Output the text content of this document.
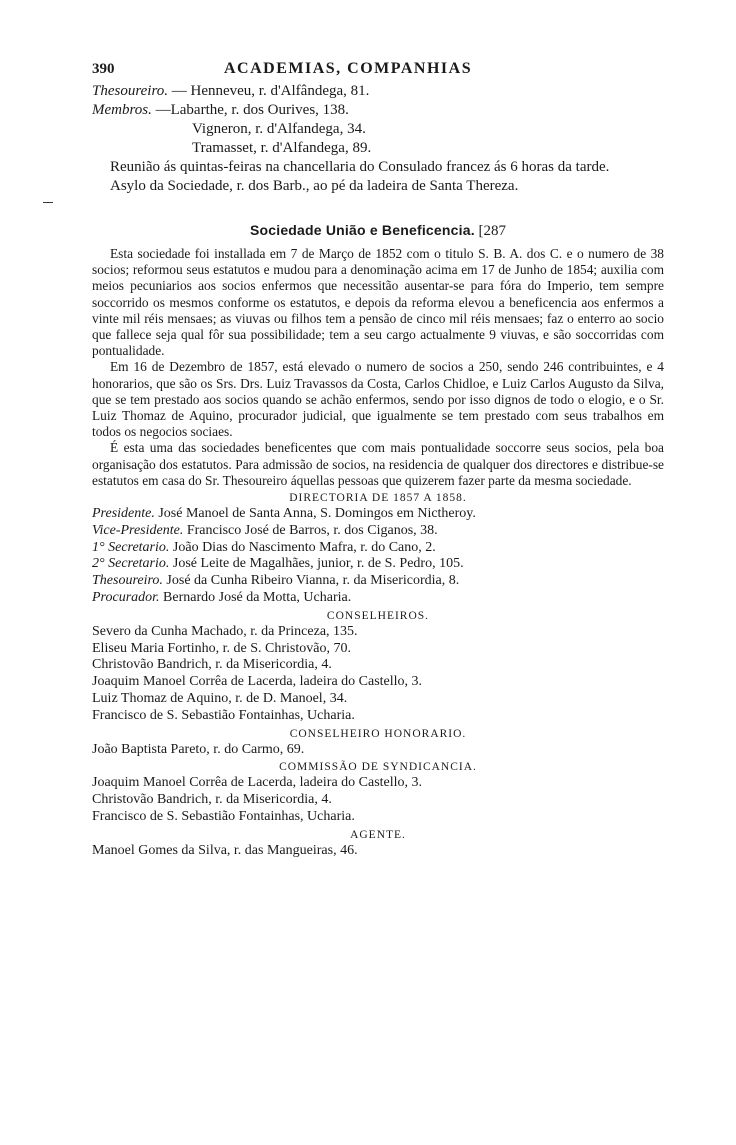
390	ACADEMIAS, COMPANHIAS
Thesoureiro. — Henneveu, r. d'Alfândega, 81.
Membros. —Labarthe, r. dos Ourives, 138.
Vigneron, r. d'Alfandega, 34.
Tramasset, r. d'Alfandega, 89.

Reunião ás quintas-feiras na chancellaria do Consulado francez ás 6 horas da tarde.

Asylo da Sociedade, r. dos Barb., ao pé da ladeira de Santa Thereza.

Sociedade União e Beneficencia. [287

Esta sociedade foi installada em 7 de Março de 1852 com o titulo S. B. A. dos C. e o numero de 38 socios; reformou seus estatutos e mudou para a denominação acima em 17 de Junho de 1854; auxilia com meios pecuniarios aos socios enfermos que necessitão ausentar-se para fóra do Imperio, tem sempre soccorrido os mesmos conforme os estatutos, e depois da reforma elevou a beneficencia aos enfermos a vinte mil réis mensaes; as viuvas ou filhos tem a pensão de cinco mil réis mensaes; faz o enterro ao socio que fallece seja qual fôr sua possibilidade; tem a seu cargo actualmente 9 viuvas, e são soccorridas com pontualidade.

Em 16 de Dezembro de 1857, está elevado o numero de socios a 250, sendo 246 contribuintes, e 4 honorarios, que são os Srs. Drs. Luiz Travassos da Costa, Carlos Chidloe, e Luiz Carlos Augusto da Silva, que se tem prestado aos socios quando se achão enfermos, sendo por isso dignos de todo o elogio, e o Sr. Luiz Thomaz de Aquino, procurador judicial, que igualmente se tem prestado com seus trabalhos em todos os negocios sociaes.

É esta uma das sociedades beneficentes que com mais pontualidade soccorre seus socios, pela boa organisação dos estatutos. Para admissão de socios, na residencia de qualquer dos directores e distribue-se estatutos em casa do Sr. Thesoureiro áquellas pessoas que quizerem fazer parte da mesma sociedade.

DIRECTORIA DE 1857 A 1858.
Presidente. José Manoel de Santa Anna, S. Domingos em Nictheroy.
Vice-Presidente. Francisco José de Barros, r. dos Ciganos, 38.
1° Secretario. João Dias do Nascimento Mafra, r. do Cano, 2.
2° Secretario. José Leite de Magalhães, junior, r. de S. Pedro, 105.
Thesoureiro. José da Cunha Ribeiro Vianna, r. da Misericordia, 8.
Procurador. Bernardo José da Motta, Ucharia.
CONSELHEIROS.
Severo da Cunha Machado, r. da Princeza, 135.
Eliseu Maria Fortinho, r. de S. Christovão, 70.
Christovão Bandrich, r. da Misericordia, 4.
Joaquim Manoel Corrêa de Lacerda, ladeira do Castello, 3.
Luiz Thomaz de Aquino, r. de D. Manoel, 34.
Francisco de S. Sebastião Fontainhas, Ucharia.
CONSELHEIRO HONORARIO.
João Baptista Pareto, r. do Carmo, 69.
COMMISSÃO DE SYNDICANCIA.
Joaquim Manoel Corrêa de Lacerda, ladeira do Castello, 3.
Christovão Bandrich, r. da Misericordia, 4.
Francisco de S. Sebastião Fontainhas, Ucharia.
AGENTE.
Manoel Gomes da Silva, r. das Mangueiras, 46.
